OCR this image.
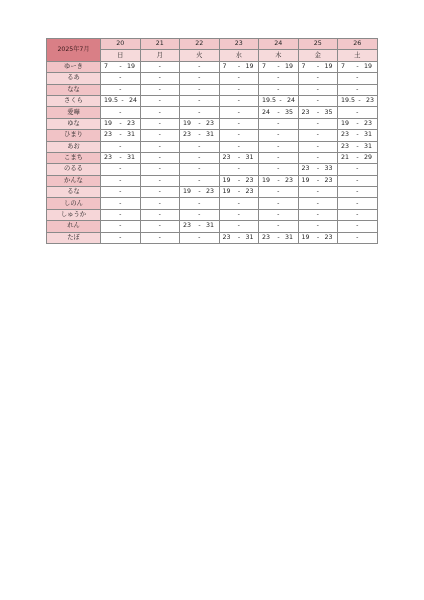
2025年7月	20	21	22	23	24	25	26
	日	月	火	水	木	金	土
ゆーき	7 - 19	-	-	7 - 19	7 - 19	7 - 19	7 - 19
るあ	-	-	-	-	-	-	-
なな	-	-	-	-	-	-	-
さくら	19.5 - 24	-	-	-	19.5 - 24	-	19.5 - 23
愛嘩	-	-	-	-	24 - 35	23 - 35	-
ゆな	19 - 23	-	19 - 23	-	-	-	19 - 23
ひまり	23 - 31	-	23 - 31	-	-	-	23 - 31
あお	-	-	-	-	-	-	23 - 31
こまち	23 - 31	-	-	23 - 31	-	-	21 - 29
のるる	-	-	-	-	-	23 - 33	-
かんな	-	-	-	19 - 23	19 - 23	19 - 23	-
るな	-	-	19 - 23	19 - 23	-	-	-
しのん	-	-	-	-	-	-	-
しゅうか	-	-	-	-	-	-	-
れん	-	-	23 - 31	-	-	-	-
たぼ	-	-	-	23 - 31	23 - 31	19 - 23	-
